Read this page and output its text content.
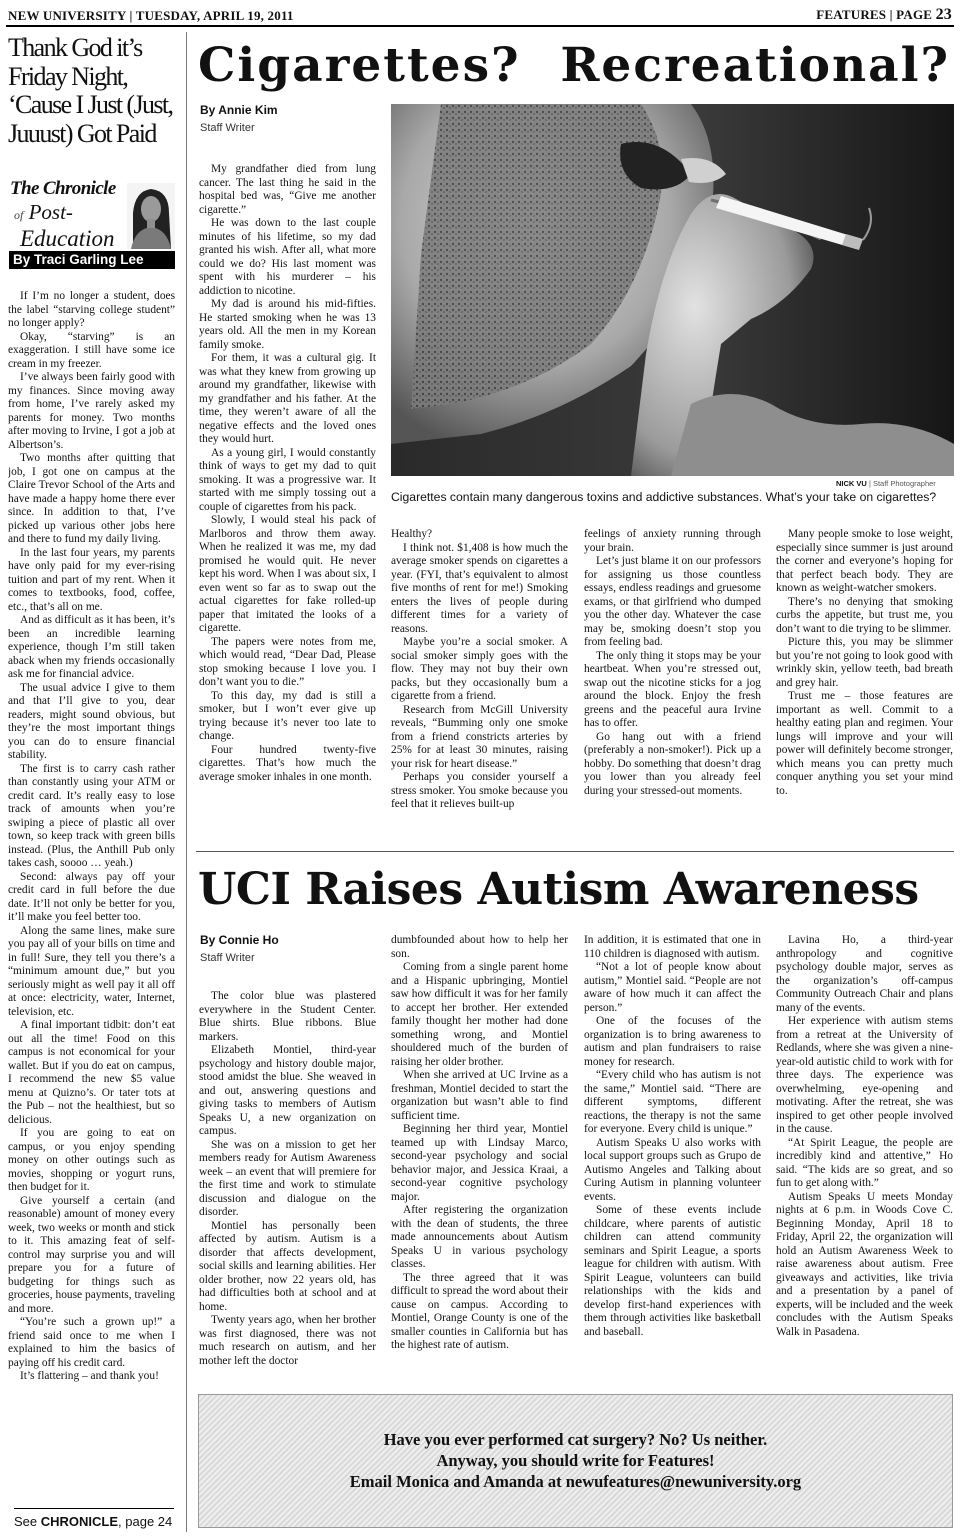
NEW UNIVERSITY | TUESDAY, APRIL 19, 2011	FEATURES | PAGE 23
Thank God it’s Friday Night, ‘Cause I Just (Just, Juuust) Got Paid
The Chronicle
of Post-
Education
By Traci Garling Lee

If I’m no longer a student, does the label “starving college student” no longer apply?

Okay, “starving” is an exaggeration. I still have some ice cream in my freezer.

I’ve always been fairly good with my finances. Since moving away from home, I’ve rarely asked my parents for money. Two months after moving to Irvine, I got a job at Albertson’s.

Two months after quitting that job, I got one on campus at the Claire Trevor School of the Arts and have made a happy home there ever since. In addition to that, I’ve picked up various other jobs here and there to fund my daily living.

In the last four years, my parents have only paid for my ever-rising tuition and part of my rent. When it comes to textbooks, food, coffee, etc., that’s all on me.

And as difficult as it has been, it’s been an incredible learning experience, though I’m still taken aback when my friends occasionally ask me for financial advice.

The usual advice I give to them and that I’ll give to you, dear readers, might sound obvious, but they’re the most important things you can do to ensure financial stability.

The first is to carry cash rather than constantly using your ATM or credit card. It’s really easy to lose track of amounts when you’re swiping a piece of plastic all over town, so keep track with green bills instead. (Plus, the Anthill Pub only takes cash, soooo … yeah.)

Second: always pay off your credit card in full before the due date. It’ll not only be better for you, it’ll make you feel better too.

Along the same lines, make sure you pay all of your bills on time and in full! Sure, they tell you there’s a “minimum amount due,” but you seriously might as well pay it all off at once: electricity, water, Internet, television, etc.

A final important tidbit: don’t eat out all the time! Food on this campus is not economical for your wallet. But if you do eat on campus, I recommend the new $5 value menu at Quizno’s. Or tater tots at the Pub – not the healthiest, but so delicious.

If you are going to eat on campus, or you enjoy spending money on other outings such as movies, shopping or yogurt runs, then budget for it.

Give yourself a certain (and reasonable) amount of money every week, two weeks or month and stick to it. This amazing feat of self-control may surprise you and will prepare you for a future of budgeting for things such as groceries, house payments, traveling and more.

“You’re such a grown up!” a friend said once to me when I explained to him the basics of paying off his credit card.

It’s flattering – and thank you!

See CHRONICLE, page 24
Cigarettes? Recreational?
By Annie Kim
Staff Writer
NICK VU | Staff Photographer
Cigarettes contain many dangerous toxins and addictive substances. What’s your take on cigarettes?

My grandfather died from lung cancer. The last thing he said in the hospital bed was, “Give me another cigarette.”

He was down to the last couple minutes of his lifetime, so my dad granted his wish. After all, what more could we do? His last moment was spent with his murderer – his addiction to nicotine.

My dad is around his mid-fifties. He started smoking when he was 13 years old. All the men in my Korean family smoke.

For them, it was a cultural gig. It was what they knew from growing up around my grandfather, likewise with my grandfather and his father. At the time, they weren’t aware of all the negative effects and the loved ones they would hurt.

As a young girl, I would constantly think of ways to get my dad to quit smoking. It was a progressive war. It started with me simply tossing out a couple of cigarettes from his pack.

Slowly, I would steal his pack of Marlboros and throw them away. When he realized it was me, my dad promised he would quit. He never kept his word. When I was about six, I even went so far as to swap out the actual cigarettes for fake rolled-up paper that imitated the looks of a cigarette.

The papers were notes from me, which would read, “Dear Dad, Please stop smoking because I love you. I don’t want you to die.”

To this day, my dad is still a smoker, but I won’t ever give up trying because it’s never too late to change.

Four hundred twenty-five cigarettes. That’s how much the average smoker inhales in one month.

Healthy?

I think not. $1,408 is how much the average smoker spends on cigarettes a year. (FYI, that’s equivalent to almost five months of rent for me!) Smoking enters the lives of people during different times for a variety of reasons.

Maybe you’re a social smoker. A social smoker simply goes with the flow. They may not buy their own packs, but they occasionally bum a cigarette from a friend.

Research from McGill University reveals, “Bumming only one smoke from a friend constricts arteries by 25% for at least 30 minutes, raising your risk for heart disease.”

Perhaps you consider yourself a stress smoker. You smoke because you feel that it relieves built-up

feelings of anxiety running through your brain.

Let’s just blame it on our professors for assigning us those countless essays, endless readings and gruesome exams, or that girlfriend who dumped you the other day. Whatever the case may be, smoking doesn’t stop you from feeling bad.

The only thing it stops may be your heartbeat. When you’re stressed out, swap out the nicotine sticks for a jog around the block. Enjoy the fresh greens and the peaceful aura Irvine has to offer.

Go hang out with a friend (preferably a non-smoker!). Pick up a hobby. Do something that doesn’t drag you lower than you already feel during your stressed-out moments.

Many people smoke to lose weight, especially since summer is just around the corner and everyone’s hoping for that perfect beach body. They are known as weight-watcher smokers.

There’s no denying that smoking curbs the appetite, but trust me, you don’t want to die trying to be slimmer.

Picture this, you may be slimmer but you’re not going to look good with wrinkly skin, yellow teeth, bad breath and grey hair.

Trust me – those features are important as well. Commit to a healthy eating plan and regimen. Your lungs will improve and your will power will definitely become stronger, which means you can pretty much conquer anything you set your mind to.

UCI Raises Autism Awareness
By Connie Ho
Staff Writer

The color blue was plastered everywhere in the Student Center. Blue shirts. Blue ribbons. Blue markers.

Elizabeth Montiel, third-year psychology and history double major, stood amidst the blue. She weaved in and out, answering questions and giving tasks to members of Autism Speaks U, a new organization on campus.

She was on a mission to get her members ready for Autism Awareness week – an event that will premiere for the first time and work to stimulate discussion and dialogue on the disorder.

Montiel has personally been affected by autism. Autism is a disorder that affects development, social skills and learning abilities. Her older brother, now 22 years old, has had difficulties both at school and at home.

Twenty years ago, when her brother was first diagnosed, there was not much research on autism, and her mother left the doctor

dumbfounded about how to help her son.

Coming from a single parent home and a Hispanic upbringing, Montiel saw how difficult it was for her family to accept her brother. Her extended family thought her mother had done something wrong, and Montiel shouldered much of the burden of raising her older brother.

When she arrived at UC Irvine as a freshman, Montiel decided to start the organization but wasn’t able to find sufficient time.

Beginning her third year, Montiel teamed up with Lindsay Marco, second-year psychology and social behavior major, and Jessica Kraai, a second-year cognitive psychology major.

After registering the organization with the dean of students, the three made announcements about Autism Speaks U in various psychology classes.

The three agreed that it was difficult to spread the word about their cause on campus. According to Montiel, Orange County is one of the smaller counties in California but has the highest rate of autism.

In addition, it is estimated that one in 110 children is diagnosed with autism.

“Not a lot of people know about autism,” Montiel said. “People are not aware of how much it can affect the person.”

One of the focuses of the organization is to bring awareness to autism and plan fundraisers to raise money for research.

“Every child who has autism is not the same,” Montiel said. “There are different symptoms, different reactions, the therapy is not the same for everyone. Every child is unique.”

Autism Speaks U also works with local support groups such as Grupo de Autismo Angeles and Talking about Curing Autism in planning volunteer events.

Some of these events include childcare, where parents of autistic children can attend community seminars and Spirit League, a sports league for children with autism. With Spirit League, volunteers can build relationships with the kids and develop first-hand experiences with them through activities like basketball and baseball.

Lavina Ho, a third-year anthropology and cognitive psychology double major, serves as the organization’s off-campus Community Outreach Chair and plans many of the events.

Her experience with autism stems from a retreat at the University of Redlands, where she was given a nine-year-old autistic child to work with for three days. The experience was overwhelming, eye-opening and motivating. After the retreat, she was inspired to get other people involved in the cause.

“At Spirit League, the people are incredibly kind and attentive,” Ho said. “The kids are so great, and so fun to get along with.”

Autism Speaks U meets Monday nights at 6 p.m. in Woods Cove C. Beginning Monday, April 18 to Friday, April 22, the organization will hold an Autism Awareness Week to raise awareness about autism. Free giveaways and activities, like trivia and a presentation by a panel of experts, will be included and the week concludes with the Autism Speaks Walk in Pasadena.

Have you ever performed cat surgery? No? Us neither.
Anyway, you should write for Features!
Email Monica and Amanda at newufeatures@newuniversity.org
